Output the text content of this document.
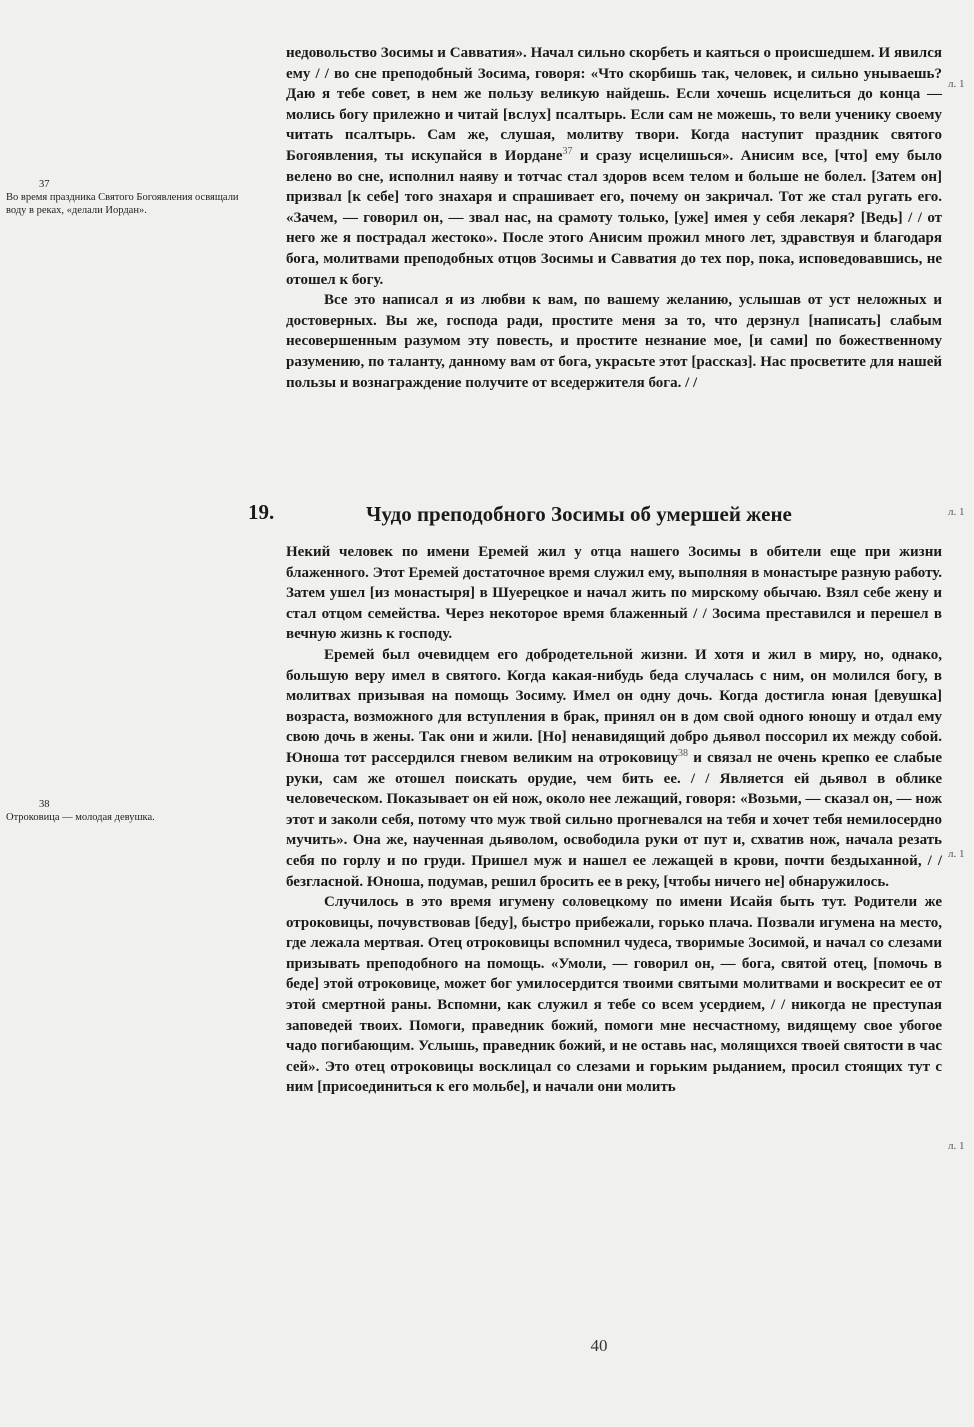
37
Во время праздника Святого Богоявления освящали воду в реках, «делали Иордан».
38
Отроковица — молодая девушка.

недовольство Зосимы и Савватия». Начал сильно скорбеть и каяться о происшедшем. И явился ему / / во сне преподобный Зосима, говоря: «Что скорбишь так, человек, и сильно унываешь? Даю я тебе совет, в нем же пользу великую найдешь. Если хочешь исцелиться до конца — молись богу прилежно и читай [вслух] псалтырь. Если сам не можешь, то вели ученику своему читать псалтырь. Сам же, слушая, молитву твори. Когда наступит праздник святого Богоявления, ты искупайся в Иордане$^{37}$ и сразу исцелишься». Анисим все, [что] ему было велено во сне, исполнил наяву и тотчас стал здоров всем телом и больше не болел. [Затем он] призвал [к себе] того знахаря и спрашивает его, почему он закричал. Тот же стал ругать его. «Зачем, — говорил он, — звал нас, на срамоту только, [уже] имея у себя лекаря? [Ведь] / / от него же я пострадал жестоко». После этого Анисим прожил много лет, здравствуя и благодаря бога, молитвами преподобных отцов Зосимы и Савватия до тех пор, пока, исповедовавшись, не отошел к богу.

Все это написал я из любви к вам, по вашему желанию, услышав от уст неложных и достоверных. Вы же, господа ради, простите меня за то, что дерзнул [написать] слабым несовершенным разумом эту повесть, и простите незнание мое, [и сами] по божественному разумению, по таланту, данному вам от бога, украсьте этот [рассказ]. Нас просветите для нашей пользы и вознаграждение получите от вседержителя бога. / /

19.	Чудо преподобного Зосимы об умершей жене

Некий человек по имени Еремей жил у отца нашего Зосимы в обители еще при жизни блаженного. Этот Еремей достаточное время служил ему, выполняя в монастыре разную работу. Затем ушел [из монастыря] в Шуерецкое и начал жить по мирскому обычаю. Взял себе жену и стал отцом семейства. Через некоторое время блаженный / / Зосима преставился и перешел в вечную жизнь к господу.

Еремей был очевидцем его добродетельной жизни. И хотя и жил в миру, но, однако, большую веру имел в святого. Когда какая-нибудь беда случалась с ним, он молился богу, в молитвах призывая на помощь Зосиму. Имел он одну дочь. Когда достигла юная [девушка] возраста, возможного для вступления в брак, принял он в дом свой одного юношу и отдал ему свою дочь в жены. Так они и жили. [Но] ненавидящий добро дьявол поссорил их между собой. Юноша тот рассердился гневом великим на отроковицу$^{38}$ и связал не очень крепко ее слабые руки, сам же отошел поискать орудие, чем бить ее. / / Является ей дьявол в облике человеческом. Показывает он ей нож, около нее лежащий, говоря: «Возьми, — сказал он, — нож этот и заколи себя, потому что муж твой сильно прогневался на тебя и хочет тебя немилосердно мучить». Она же, наученная дьяволом, освободила руки от пут и, схватив нож, начала резать себя по горлу и по груди. Пришел муж и нашел ее лежащей в крови, почти бездыханной, / / безгласной. Юноша, подумав, решил бросить ее в реку, [чтобы ничего не] обнаружилось.

Случилось в это время игумену соловецкому по имени Исайя быть тут. Родители же отроковицы, почувствовав [беду], быстро прибежали, горько плача. Позвали игумена на место, где лежала мертвая. Отец отроковицы вспомнил чудеса, творимые Зосимой, и начал со слезами призывать преподобного на помощь. «Умоли, — говорил он, — бога, святой отец, [помочь в беде] этой отроковице, может бог умилосердится твоими святыми молитвами и воскресит ее от этой смертной раны. Вспомни, как служил я тебе со всем усердием, / / никогда не преступая заповедей твоих. Помоги, праведник божий, помоги мне несчастному, видящему свое убогое чадо погибающим. Услышь, праведник божий, и не оставь нас, молящихся твоей святости в час сей». Это отец отроковицы восклицал со слезами и горьким рыданием, просил стоящих тут с ним [присоединиться к его мольбе], и начали они молить

л. 1
л. 1
л. 1
л. 1
40
